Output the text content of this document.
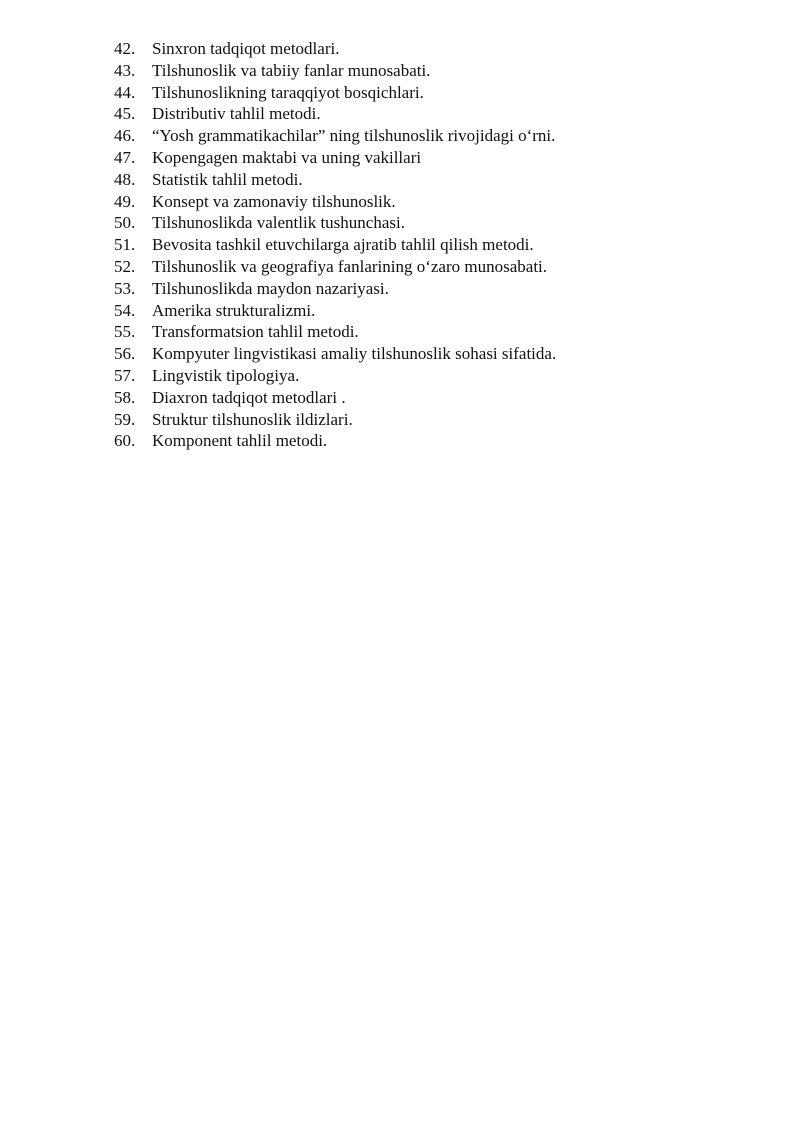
42. Sinxron tadqiqot metodlari.
43. Tilshunoslik va tabiiy fanlar munosabati.
44. Tilshunoslikning taraqqiyot bosqichlari.
45. Distributiv tahlil metodi.
46. “Yosh grammatikachilar” ning tilshunoslik rivojidagi o‘rni.
47. Kopengagen maktabi va uning vakillari
48. Statistik tahlil metodi.
49. Konsept va zamonaviy tilshunoslik.
50. Tilshunoslikda valentlik tushunchasi.
51. Bevosita tashkil etuvchilarga ajratib tahlil qilish metodi.
52. Tilshunoslik va geografiya fanlarining o‘zaro munosabati.
53. Tilshunoslikda maydon nazariyasi.
54. Amerika strukturalizmi.
55. Transformatsion tahlil metodi.
56. Kompyuter lingvistikasi amaliy tilshunoslik sohasi sifatida.
57. Lingvistik tipologiya.
58. Diaxron tadqiqot metodlari .
59. Struktur tilshunoslik ildizlari.
60. Komponent tahlil metodi.
